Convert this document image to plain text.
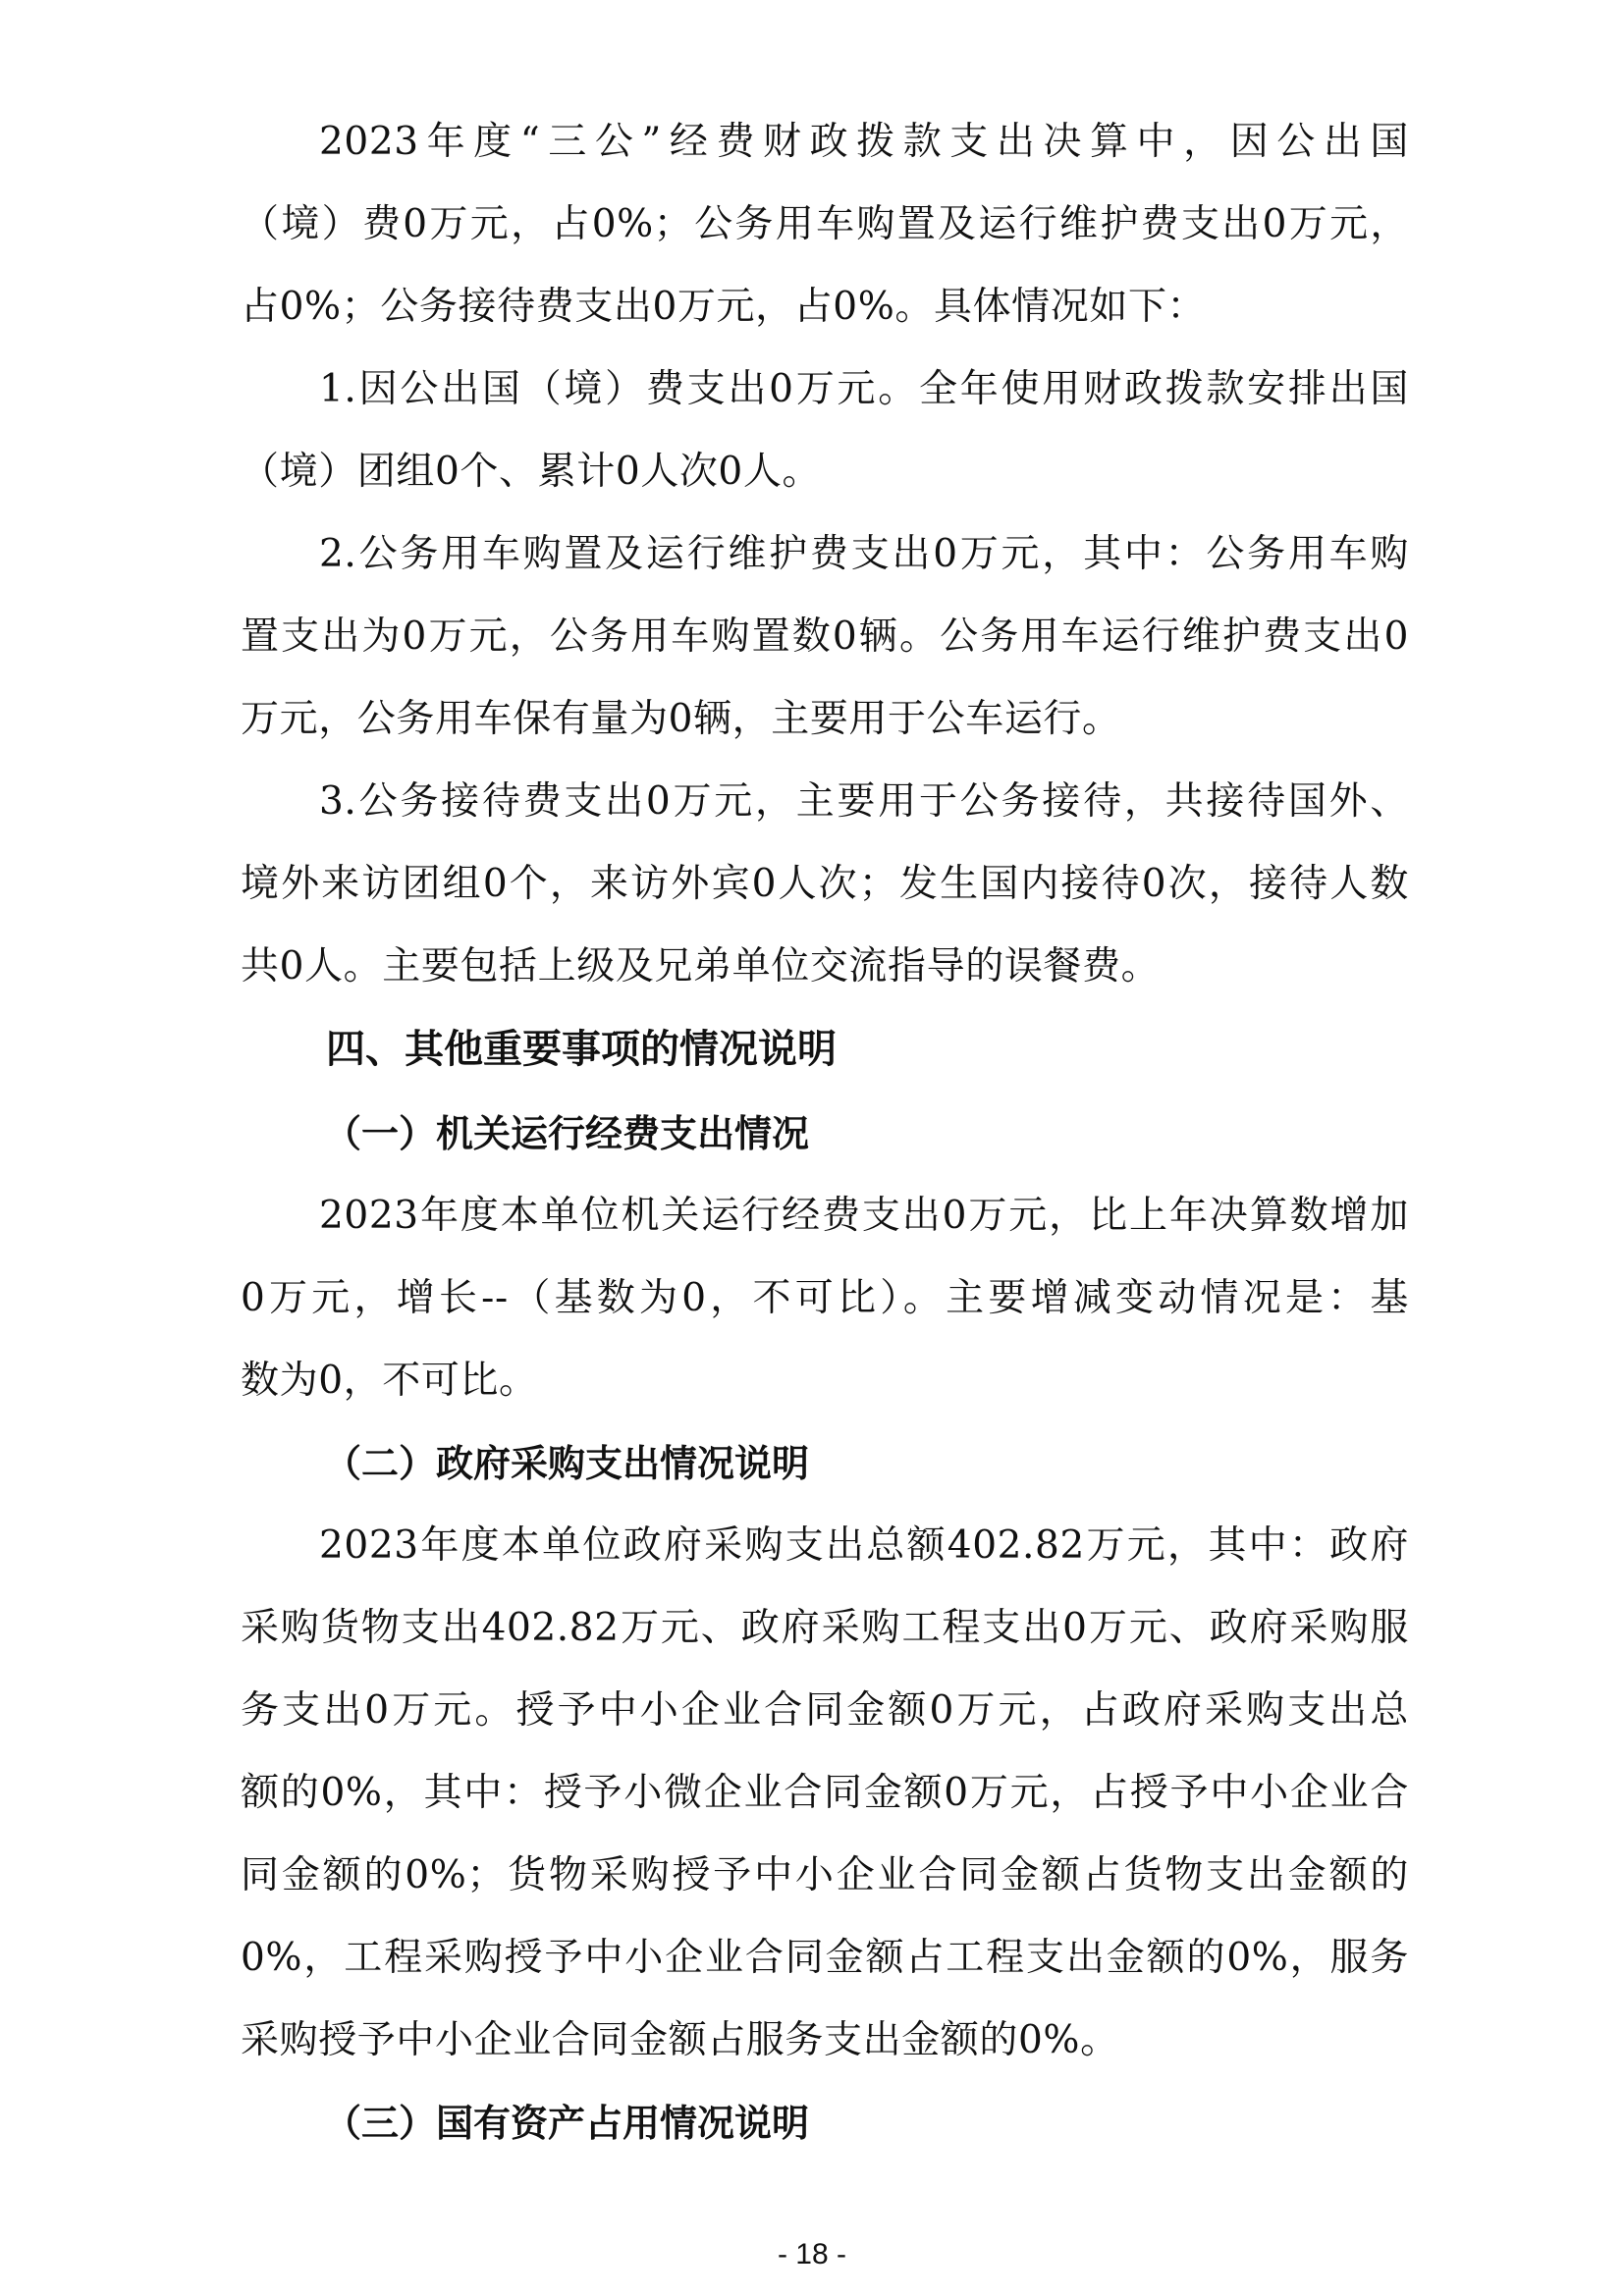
2023年度“三公”经费财政拨款支出决算中，因公出国
（境）费0万元，占0%；公务用车购置及运行维护费支出0万元，
占0%；公务接待费支出0万元，占0%。具体情况如下：
1.因公出国（境）费支出0万元。全年使用财政拨款安排出国
（境）团组0个、累计0人次0人。
2.公务用车购置及运行维护费支出0万元，其中：公务用车购
置支出为0万元，公务用车购置数0辆。公务用车运行维护费支出0
万元，公务用车保有量为0辆，主要用于公车运行。
3.公务接待费支出0万元，主要用于公务接待，共接待国外、
境外来访团组0个，来访外宾0人次；发生国内接待0次，接待人数
共0人。主要包括上级及兄弟单位交流指导的误餐费。
四、其他重要事项的情况说明
（一）机关运行经费支出情况
2023年度本单位机关运行经费支出0万元，比上年决算数增加
0万元，增长--（基数为0，不可比）。主要增减变动情况是：基
数为0，不可比。
（二）政府采购支出情况说明
2023年度本单位政府采购支出总额402.82万元，其中：政府
采购货物支出402.82万元、政府采购工程支出0万元、政府采购服
务支出0万元。授予中小企业合同金额0万元，占政府采购支出总
额的0%，其中：授予小微企业合同金额0万元，占授予中小企业合
同金额的0%；货物采购授予中小企业合同金额占货物支出金额的
0%，工程采购授予中小企业合同金额占工程支出金额的0%，服务
采购授予中小企业合同金额占服务支出金额的0%。
（三）国有资产占用情况说明
- 18 -
